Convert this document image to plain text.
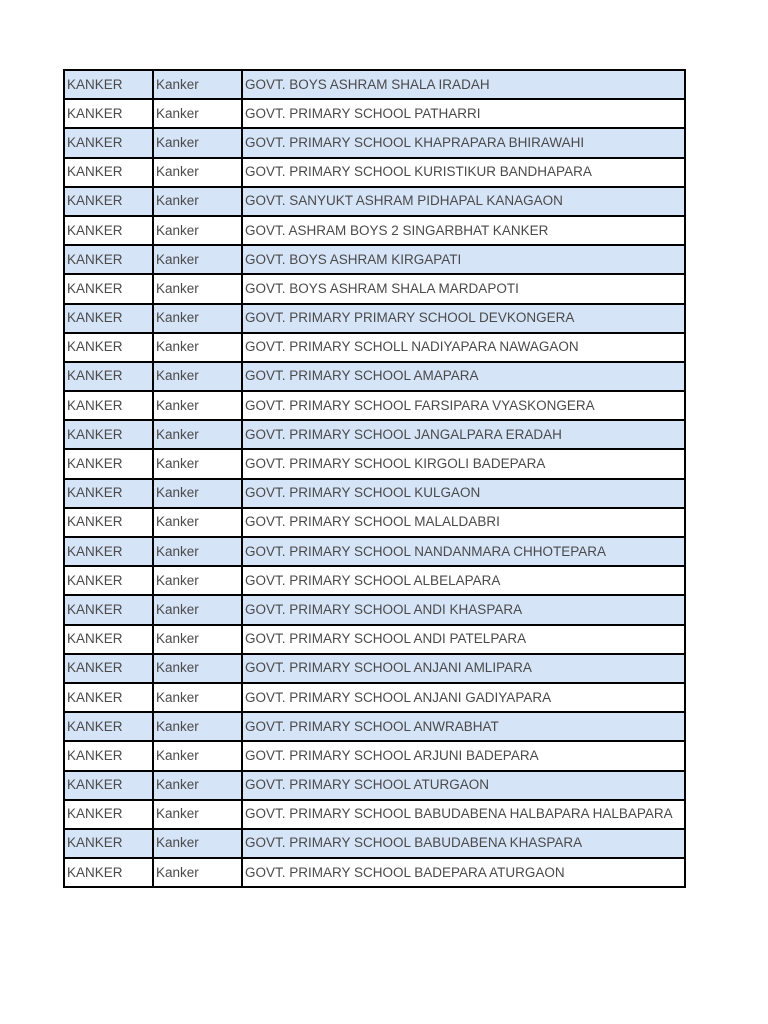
KANKER	Kanker	GOVT. BOYS ASHRAM SHALA IRADAH
KANKER	Kanker	GOVT. PRIMARY SCHOOL PATHARRI
KANKER	Kanker	GOVT. PRIMARY SCHOOL KHAPRAPARA BHIRAWAHI
KANKER	Kanker	GOVT. PRIMARY SCHOOL KURISTIKUR BANDHAPARA
KANKER	Kanker	GOVT. SANYUKT ASHRAM PIDHAPAL KANAGAON
KANKER	Kanker	GOVT. ASHRAM BOYS 2 SINGARBHAT KANKER
KANKER	Kanker	GOVT. BOYS ASHRAM KIRGAPATI
KANKER	Kanker	GOVT. BOYS ASHRAM SHALA MARDAPOTI
KANKER	Kanker	GOVT. PRIMARY PRIMARY SCHOOL DEVKONGERA
KANKER	Kanker	GOVT. PRIMARY SCHOLL NADIYAPARA NAWAGAON
KANKER	Kanker	GOVT. PRIMARY SCHOOL AMAPARA
KANKER	Kanker	GOVT. PRIMARY SCHOOL FARSIPARA VYASKONGERA
KANKER	Kanker	GOVT. PRIMARY SCHOOL JANGALPARA ERADAH
KANKER	Kanker	GOVT. PRIMARY SCHOOL KIRGOLI BADEPARA
KANKER	Kanker	GOVT. PRIMARY SCHOOL KULGAON
KANKER	Kanker	GOVT. PRIMARY SCHOOL MALALDABRI
KANKER	Kanker	GOVT. PRIMARY SCHOOL NANDANMARA CHHOTEPARA
KANKER	Kanker	GOVT. PRIMARY SCHOOL ALBELAPARA
KANKER	Kanker	GOVT. PRIMARY SCHOOL ANDI KHASPARA
KANKER	Kanker	GOVT. PRIMARY SCHOOL ANDI PATELPARA
KANKER	Kanker	GOVT. PRIMARY SCHOOL ANJANI AMLIPARA
KANKER	Kanker	GOVT. PRIMARY SCHOOL ANJANI GADIYAPARA
KANKER	Kanker	GOVT. PRIMARY SCHOOL ANWRABHAT
KANKER	Kanker	GOVT. PRIMARY SCHOOL ARJUNI BADEPARA
KANKER	Kanker	GOVT. PRIMARY SCHOOL ATURGAON
KANKER	Kanker	GOVT. PRIMARY SCHOOL BABUDABENA HALBAPARA HALBAPARA
KANKER	Kanker	GOVT. PRIMARY SCHOOL BABUDABENA KHASPARA
KANKER	Kanker	GOVT. PRIMARY SCHOOL BADEPARA ATURGAON
